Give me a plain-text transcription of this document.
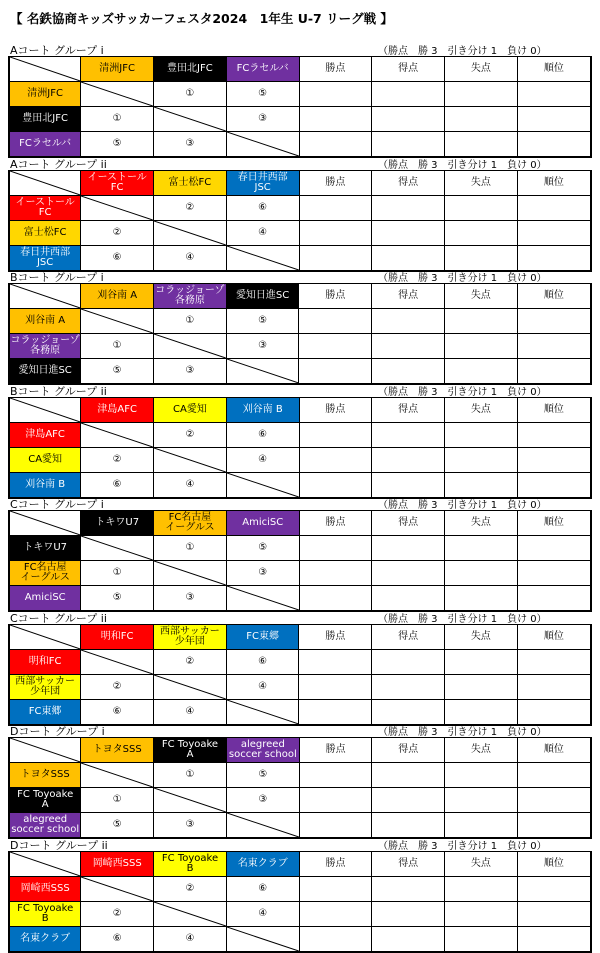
【 名鉄協商キッズサッカーフェスタ2024　1年生 U-7 リーグ戦 】
Aコート グループ i	（勝点　勝 3　引き分け 1　負け 0）

清洲JFC	豊田北JFC	FCラセルバ	勝点	得点	失点	順位

清洲JFC		①	⑤				

豊田北JFC	①		③				

FCラセルバ	⑤	③	

Aコート グループ ii	（勝点　勝 3　引き分け 1　負け 0）

イーストールFC	富士松FC	春日井西部
JSC	勝点	得点	失点	順位

イーストールFC		②	⑥				

富士松FC	②		④				

春日井西部
JSC	⑥	④	

Bコート グループ i	（勝点　勝 3　引き分け 1　負け 0）

刈谷南 A	コラッジョーゾ
各務原	愛知日進SC	勝点	得点	失点	順位

刈谷南 A		①	⑤				

コラッジョーゾ
各務原	①		③				

愛知日進SC	⑤	③	

Bコート グループ ii	（勝点　勝 3　引き分け 1　負け 0）

津島AFC	CA愛知	刈谷南 B	勝点	得点	失点	順位

津島AFC		②	⑥				

CA愛知	②		④				

刈谷南 B	⑥	④	

Cコート グループ i	（勝点　勝 3　引き分け 1　負け 0）

トキワU7	FC名古屋
イーグルス	AmiciSC	勝点	得点	失点	順位

トキワU7		①	⑤				

FC名古屋
イーグルス	①		③				

AmiciSC	⑤	③	

Cコート グループ ii	（勝点　勝 3　引き分け 1　負け 0）

明和FC	西部サッカー
少年団	FC東郷	勝点	得点	失点	順位

明和FC		②	⑥				

西部サッカー
少年団	②		④				

FC東郷	⑥	④	

Dコート グループ i	（勝点　勝 3　引き分け 1　負け 0）

トヨタSSS	FC Toyoake
A	alegreed
soccer school	勝点	得点	失点	順位

トヨタSSS		①	⑤				

FC Toyoake
A	①		③				

alegreed
soccer school	⑤	③	

Dコート グループ ii	（勝点　勝 3　引き分け 1　負け 0）

岡崎西SSS	FC Toyoake
B	名東クラブ	勝点	得点	失点	順位

岡崎西SSS		②	⑥				

FC Toyoake
B	②		④				

名東クラブ	⑥	④	
